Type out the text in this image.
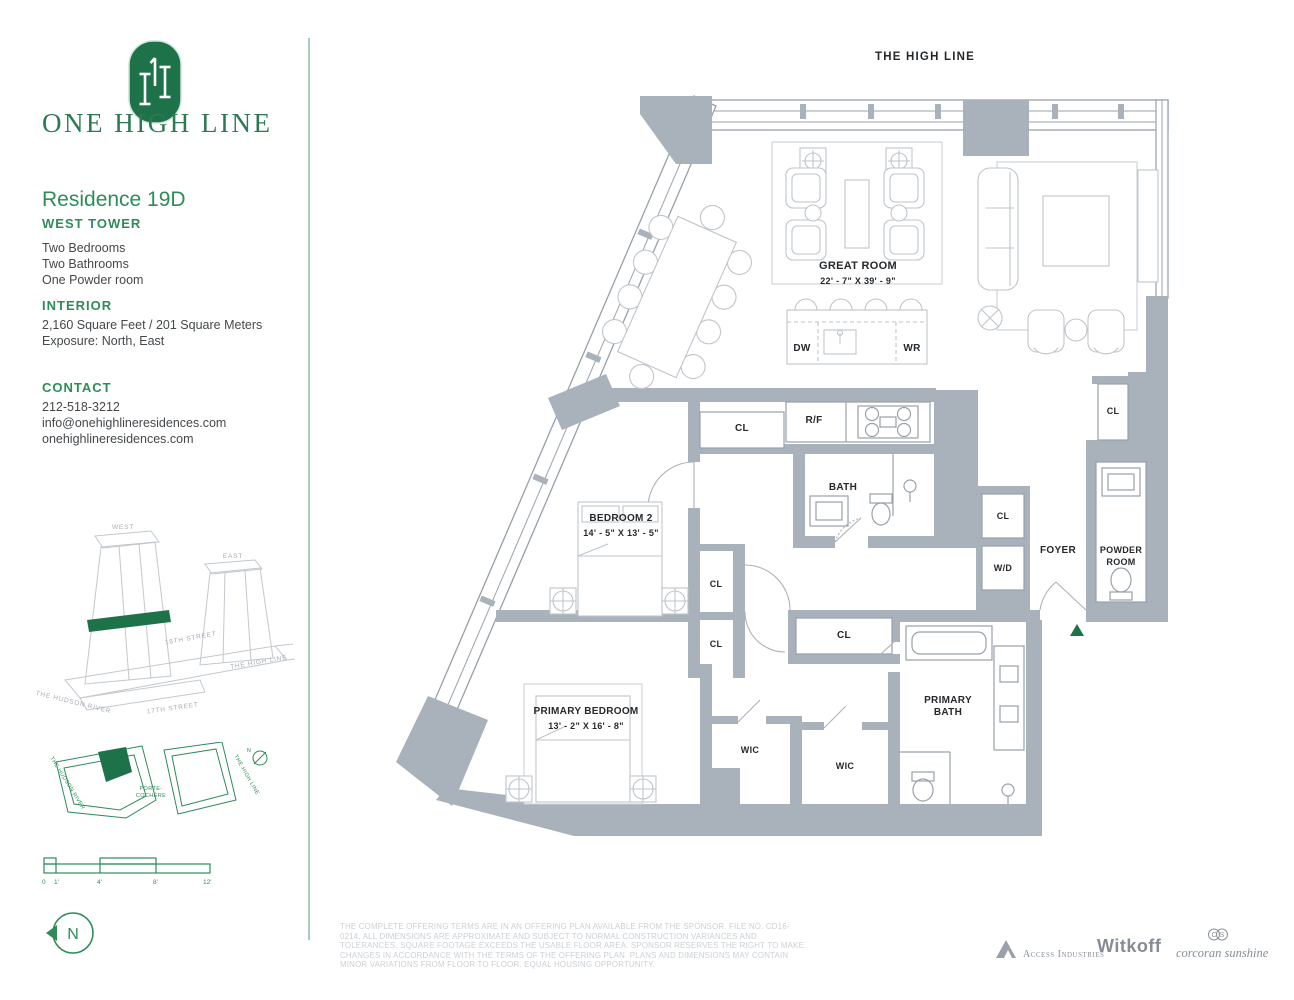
ONE HIGH LINE
Residence 19D
WEST TOWER
Two Bedrooms
Two Bathrooms
One Powder room
INTERIOR
2,160 Square Feet / 201 Square Meters
Exposure: North, East
CONTACT
212-518-3212
info@onehighlineresidences.com
onehighlineresidences.com
WEST
EAST
18TH STREET
THE HIGH LINE
THE HUDSON RIVER	17TH STREET
PORTE-
COCHÈRE
THE HUDSON RIVER	THE HIGH LINE
N
0 1'	4'	8'	12'
N
THE HIGH LINE
GREAT ROOM
22' - 7" X 39' - 9"
DW	WR
CL
R/F
BATH
BEDROOM 2
14' - 5" X 13' - 5"
CL
CL
CL
CL
W/D
FOYER	POWDER ROOM
CL
WIC
WIC
PRIMARY BATH
PRIMARY BEDROOM
13' - 2" X 16' - 8"
THE COMPLETE OFFERING TERMS ARE IN AN OFFERING PLAN AVAILABLE FROM THE SPONSOR. FILE NO. CD16-0214. ALL DIMENSIONS ARE APPROXIMATE AND SUBJECT TO NORMAL CONSTRUCTION VARIANCES AND TOLERANCES. SQUARE FOOTAGE EXCEEDS THE USABLE FLOOR AREA. SPONSOR RESERVES THE RIGHT TO MAKE CHANGES IN ACCORDANCE WITH THE TERMS OF THE OFFERING PLAN. PLANS AND DIMENSIONS MAY CONTAIN MINOR VARIATIONS FROM FLOOR TO FLOOR. EQUAL HOUSING OPPORTUNITY.
Access Industries
Witkoff
C S
corcoran sunshine
